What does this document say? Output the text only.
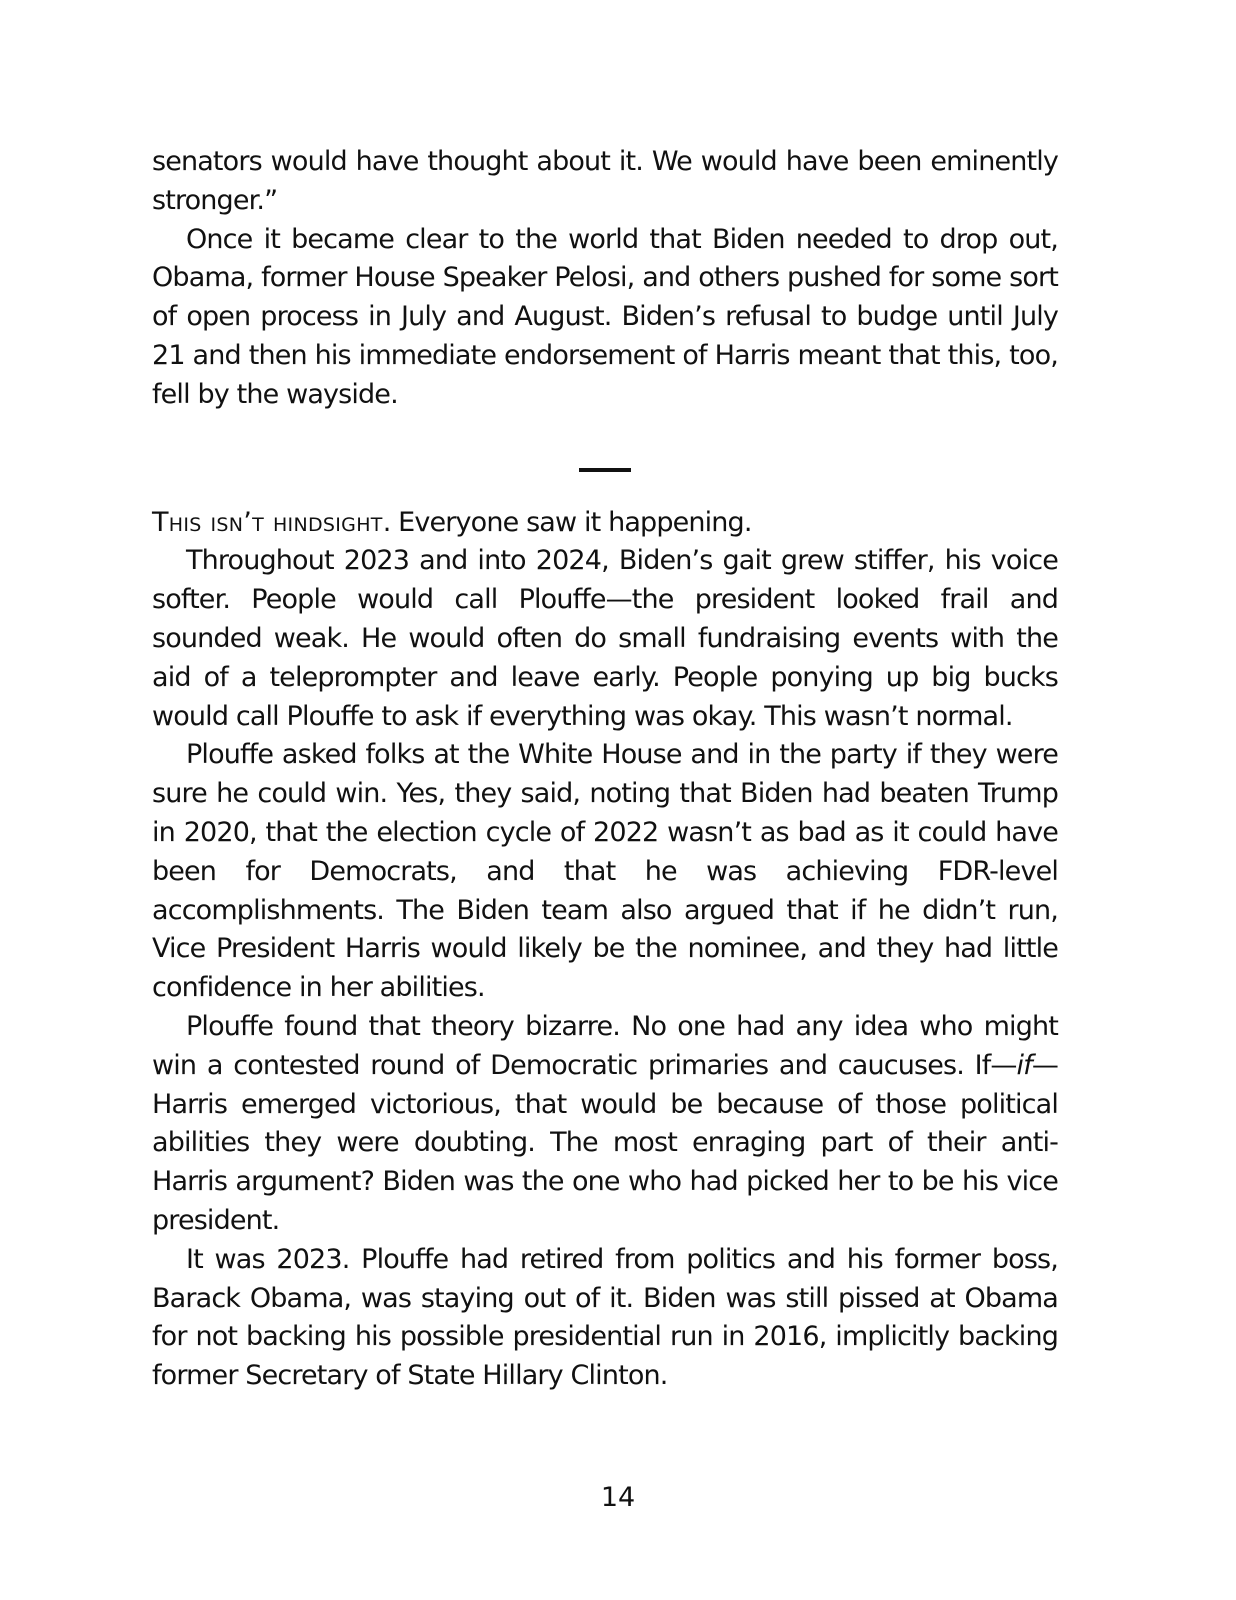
senators would have thought about it. We would have been eminently stronger.”

Once it became clear to the world that Biden needed to drop out, Obama, former House Speaker Pelosi, and others pushed for some sort of open process in July and August. Biden’s refusal to budge until July 21 and then his immediate endorsement of Harris meant that this, too, fell by the wayside.

This isn’t hindsight. Everyone saw it happening.

Throughout 2023 and into 2024, Biden’s gait grew stiffer, his voice softer. People would call Plouffe—the president looked frail and sounded weak. He would often do small fundraising events with the aid of a teleprompter and leave early. People ponying up big bucks would call Plouffe to ask if everything was okay. This wasn’t normal.

Plouffe asked folks at the White House and in the party if they were sure he could win. Yes, they said, noting that Biden had beaten Trump in 2020, that the election cycle of 2022 wasn’t as bad as it could have been for Democrats, and that he was achieving FDR-level accomplishments. The Biden team also argued that if he didn’t run, Vice President Harris would likely be the nominee, and they had little confidence in her abilities.

Plouffe found that theory bizarre. No one had any idea who might win a contested round of Democratic primaries and caucuses. If—if— Harris emerged victorious, that would be because of those political abilities they were doubting. The most enraging part of their anti-Harris argument? Biden was the one who had picked her to be his vice president.

It was 2023. Plouffe had retired from politics and his former boss, Barack Obama, was staying out of it. Biden was still pissed at Obama for not backing his possible presidential run in 2016, implicitly backing former Secretary of State Hillary Clinton.

14
